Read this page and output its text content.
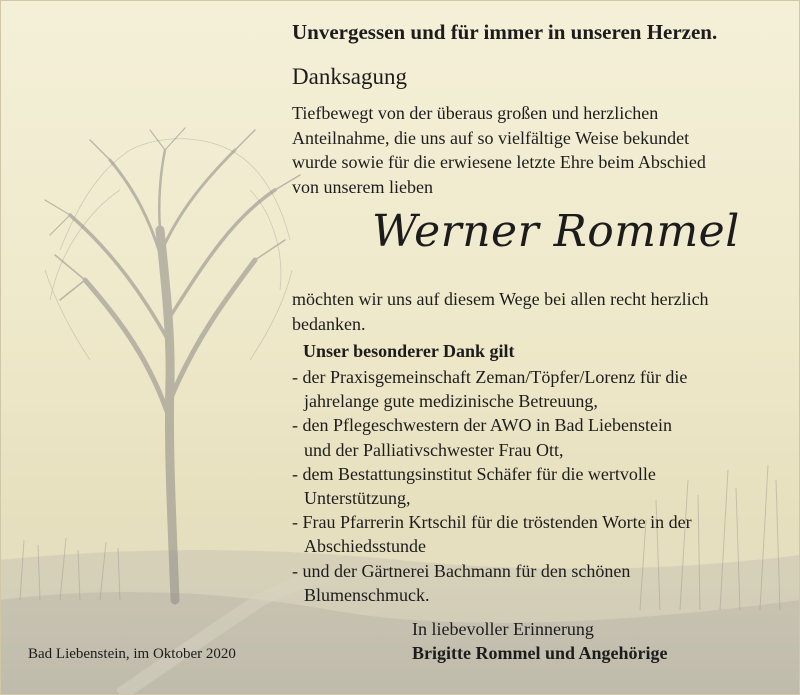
Unvergessen und für immer in unseren Herzen.
Danksagung
Tiefbewegt von der überaus großen und herzlichen
Anteilnahme, die uns auf so vielfältige Weise bekundet
wurde sowie für die erwiesene letzte Ehre beim Abschied
von unserem lieben
Werner Rommel
möchten wir uns auf diesem Wege bei allen recht herzlich
bedanken.
Unser besonderer Dank gilt
- der Praxisgemeinschaft Zeman/Töpfer/Lorenz für die
jahrelange gute medizinische Betreuung,
- den Pflegeschwestern der AWO in Bad Liebenstein
und der Palliativschwester Frau Ott,
- dem Bestattungsinstitut Schäfer für die wertvolle
Unterstützung,
- Frau Pfarrerin Krtschil für die tröstenden Worte in der
Abschiedsstunde
- und der Gärtnerei Bachmann für den schönen
Blumenschmuck.
Bad Liebenstein, im Oktober 2020
In liebevoller Erinnerung
Brigitte Rommel und Angehörige
